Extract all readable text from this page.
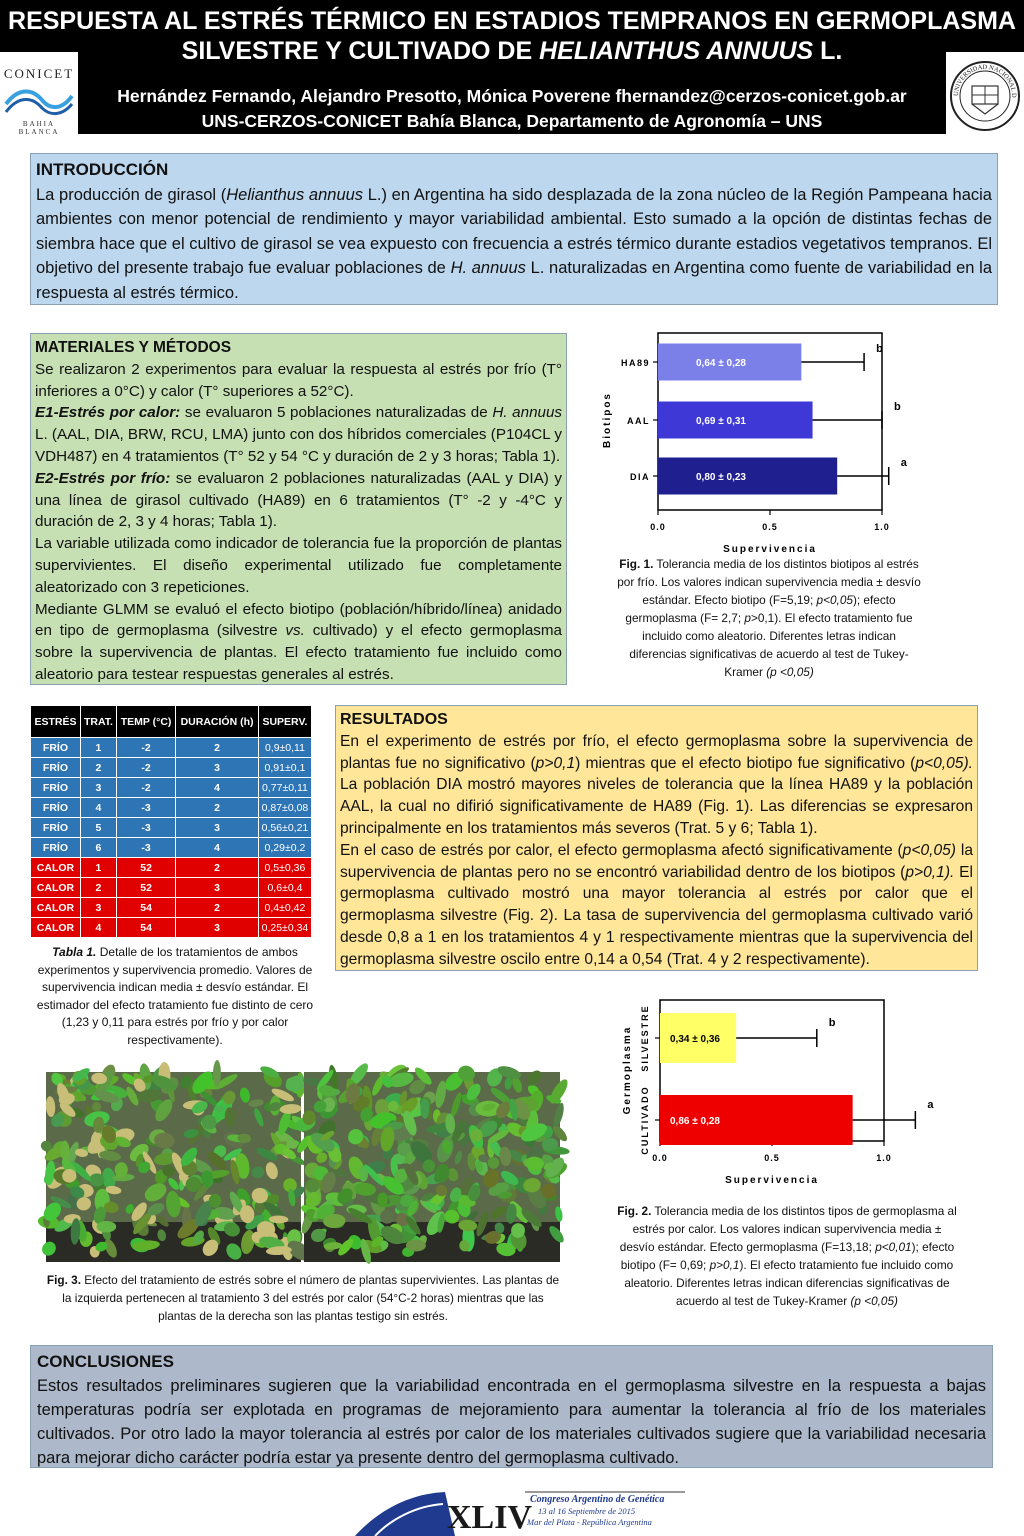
RESPUESTA AL ESTRÉS TÉRMICO EN ESTADIOS TEMPRANOS EN GERMOPLASMA
SILVESTRE Y CULTIVADO DE HELIANTHUS ANNUUS L.
Hernández Fernando, Alejandro Presotto, Mónica Poverene fhernandez@cerzos-conicet.gob.ar
UNS-CERZOS-CONICET Bahía Blanca, Departamento de Agronomía – UNS
CONICET
BAHIA BLANCA
UNIVERSIDAD NACIONAL D
INTRODUCCIÓN
La producción de girasol (Helianthus annuus L.) en Argentina ha sido desplazada de la zona núcleo de la Región Pampeana hacia ambientes con menor potencial de rendimiento y mayor variabilidad ambiental. Esto sumado a la opción de distintas fechas de siembra hace que el cultivo de girasol se vea expuesto con frecuencia a estrés térmico durante estadios vegetativos tempranos. El objetivo del presente trabajo fue evaluar poblaciones de H. annuus L. naturalizadas en Argentina como fuente de variabilidad en la respuesta al estrés térmico.
MATERIALES Y MÉTODOS
Se realizaron 2 experimentos para evaluar la respuesta al estrés por frío (T° inferiores a 0°C) y calor (T° superiores a 52°C).
E1-Estrés por calor: se evaluaron 5 poblaciones naturalizadas de H. annuus L. (AAL, DIA, BRW, RCU, LMA) junto con dos híbridos comerciales (P104CL y VDH487) en 4 tratamientos (T° 52 y 54 °C y duración de 2 y 3 horas; Tabla 1).
E2-Estrés por frío: se evaluaron 2 poblaciones naturalizadas (AAL y DIA) y una línea de girasol cultivado (HA89) en 6 tratamientos (T° -2 y -4°C y duración de 2, 3 y 4 horas; Tabla 1).
La variable utilizada como indicador de tolerancia fue la proporción de plantas supervivientes. El diseño experimental utilizado fue completamente aleatorizado con 3 repeticiones.
Mediante GLMM se evaluó el efecto biotipo (población/híbrido/línea) anidado en tipo de germoplasma (silvestre vs. cultivado) y el efecto germoplasma sobre la supervivencia de plantas. El efecto tratamiento fue incluido como aleatorio para testear respuestas generales al estrés.
0.0	0.5	1.0
Supervivencia
Biotipos
0,64 ± 0,28
b
HA89
0,69 ± 0,31
b
AAL
0,80 ± 0,23
a
DIA
Fig. 1. Tolerancia media de los distintos biotipos al estrés por frío. Los valores indican supervivencia media ± desvío estándar. Efecto biotipo (F=5,19; p<0,05); efecto germoplasma (F= 2,7; p>0,1). El efecto tratamiento fue incluido como aleatorio. Diferentes letras indican diferencias significativas de acuerdo al test de Tukey-Kramer (p <0,05)
ESTRÉS	TRAT.	TEMP (°C)	DURACIÓN (h)	SUPERV.
FRÍO	1	-2	2	0,9±0,11
FRÍO	2	-2	3	0,91±0,1
FRÍO	3	-2	4	0,77±0,11
FRÍO	4	-3	2	0,87±0,08
FRÍO	5	-3	3	0,56±0,21
FRÍO	6	-3	4	0,29±0,2
CALOR	1	52	2	0,5±0,36
CALOR	2	52	3	0,6±0,4
CALOR	3	54	2	0,4±0,42
CALOR	4	54	3	0,25±0,34
Tabla 1. Detalle de los tratamientos de ambos experimentos y supervivencia promedio. Valores de supervivencia indican media ± desvío estándar. El estimador del efecto tratamiento fue distinto de cero (1,23 y 0,11 para estrés por frío y por calor respectivamente).
RESULTADOS
En el experimento de estrés por frío, el efecto germoplasma sobre la supervivencia de plantas fue no significativo (p>0,1) mientras que el efecto biotipo fue significativo (p<0,05). La población DIA mostró mayores niveles de tolerancia que la línea HA89 y la población AAL, la cual no difirió significativamente de HA89 (Fig. 1). Las diferencias se expresaron principalmente en los tratamientos más severos (Trat. 5 y 6; Tabla 1).
En el caso de estrés por calor, el efecto germoplasma afectó significativamente (p<0,05) la supervivencia de plantas pero no se encontró variabilidad dentro de los biotipos (p>0,1). El germoplasma cultivado mostró una mayor tolerancia al estrés por calor que el germoplasma silvestre (Fig. 2). La tasa de supervivencia del germoplasma cultivado varió desde 0,8 a 1 en los tratamientos 4 y 1 respectivamente mientras que la supervivencia del germoplasma silvestre oscilo entre 0,14 a 0,54 (Trat. 4 y 2 respectivamente).
Fig. 3. Efecto del tratamiento de estrés sobre el número de plantas supervivientes. Las plantas de la izquierda pertenecen al tratamiento 3 del estrés por calor (54°C-2 horas) mientras que las plantas de la derecha son las plantas testigo sin estrés.
0.0	0.5	1.0
Supervivencia
Germoplasma	0,34 ± 0,36
b
SILVESTRE
0,86 ± 0,28
a
CULTIVADO
Fig. 2. Tolerancia media de los distintos tipos de germoplasma al estrés por calor. Los valores indican supervivencia media ± desvío estándar. Efecto germoplasma (F=13,18; p<0,01); efecto biotipo (F= 0,69; p>0,1). El efecto tratamiento fue incluido como aleatorio. Diferentes letras indican diferencias significativas de acuerdo al test de Tukey-Kramer (p <0,05)
CONCLUSIONES
Estos resultados preliminares sugieren que la variabilidad encontrada en el germoplasma silvestre en la respuesta a bajas temperaturas podría ser explotada en programas de mejoramiento para aumentar la tolerancia al frío de los materiales cultivados. Por otro lado la mayor tolerancia al estrés por calor de los materiales cultivados sugiere que la variabilidad necesaria para mejorar dicho carácter podría estar ya presente dentro del germoplasma cultivado.
XLIV
Congreso Argentino de Genética
13 al 16 Septiembre de 2015
Mar del Plata - República Argentina
